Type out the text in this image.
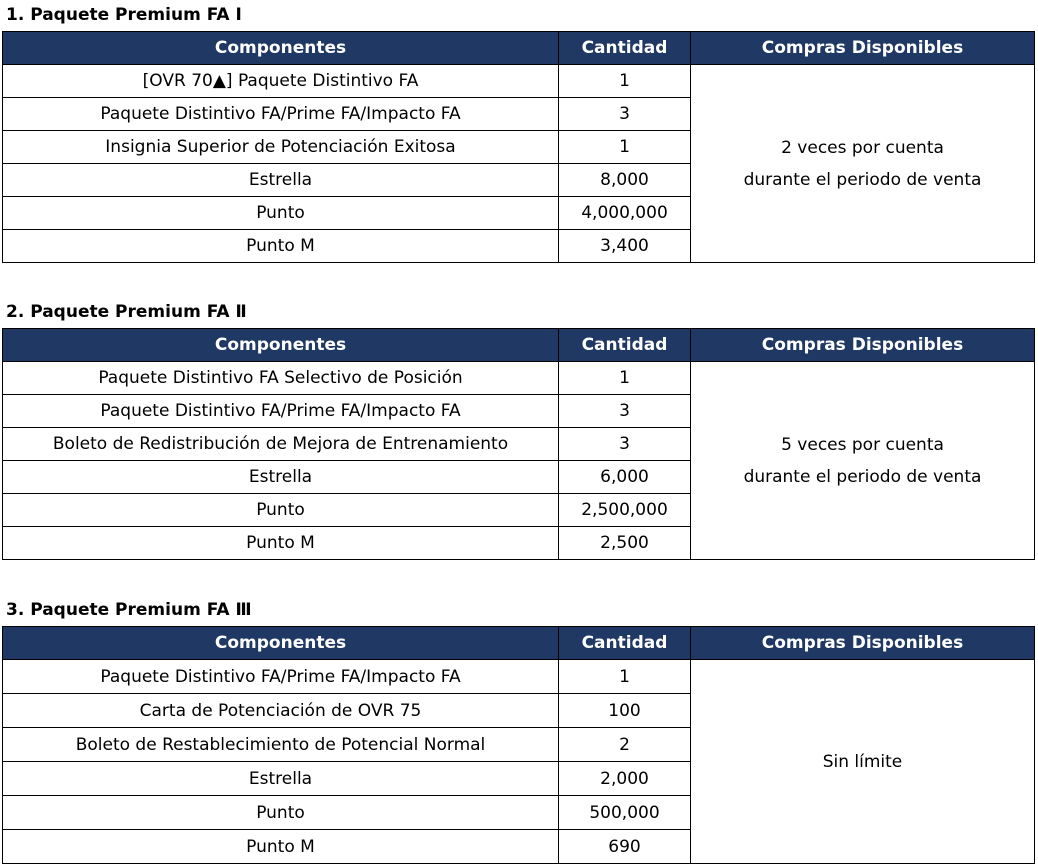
1. Paquete Premium FA Ⅰ
Componentes	Cantidad	Compras Disponibles
[OVR 70▲] Paquete Distintivo FA	1	2 veces por cuenta
durante el periodo de venta

Paquete Distintivo FA/Prime FA/Impacto FA	3	
Insignia Superior de Potenciación Exitosa	1	
Estrella	8,000	
Punto	4,000,000	
Punto M	3,400	
2. Paquete Premium FA Ⅱ
Componentes	Cantidad	Compras Disponibles
Paquete Distintivo FA Selectivo de Posición	1	5 veces por cuenta
durante el periodo de venta

Paquete Distintivo FA/Prime FA/Impacto FA	3	
Boleto de Redistribución de Mejora de Entrenamiento	3	
Estrella	6,000	
Punto	2,500,000	
Punto M	2,500	
3. Paquete Premium FA Ⅲ
Componentes	Cantidad	Compras Disponibles
Paquete Distintivo FA/Prime FA/Impacto FA	1	Sin límite

Carta de Potenciación de OVR 75	100	
Boleto de Restablecimiento de Potencial Normal	2	
Estrella	2,000	
Punto	500,000	
Punto M	690	
